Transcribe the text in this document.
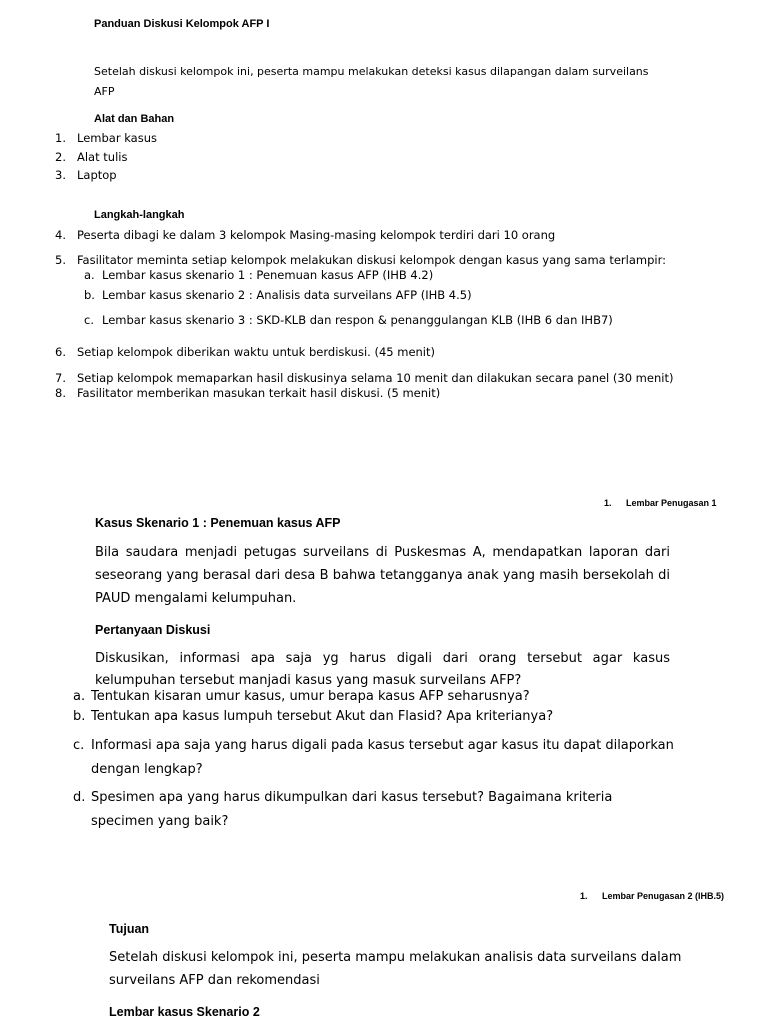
Panduan Diskusi Kelompok AFP I
Setelah diskusi kelompok ini, peserta mampu melakukan deteksi kasus dilapangan dalam surveilans
AFP
Alat dan Bahan
1. Lembar kasus
2. Alat tulis
3. Laptop
Langkah-langkah
4. Peserta dibagi ke dalam 3 kelompok Masing-masing kelompok terdiri dari 10 orang
5. Fasilitator meminta setiap kelompok melakukan diskusi kelompok dengan kasus yang sama terlampir:
a. Lembar kasus skenario 1 : Penemuan kasus AFP (IHB 4.2)
b. Lembar kasus skenario 2 : Analisis data surveilans AFP (IHB 4.5)
c. Lembar kasus skenario 3 : SKD-KLB dan respon & penanggulangan KLB (IHB 6 dan IHB7)
6. Setiap kelompok diberikan waktu untuk berdiskusi. (45 menit)
7. Setiap kelompok memaparkan hasil diskusinya selama 10 menit dan dilakukan secara panel (30 menit)
8. Fasilitator memberikan masukan terkait hasil diskusi. (5 menit)
1. Lembar Penugasan 1
Kasus Skenario 1 : Penemuan kasus AFP
Bila saudara menjadi petugas surveilans di Puskesmas A, mendapatkan laporan dari
seseorang yang berasal dari desa B bahwa tetangganya anak yang masih bersekolah di
PAUD mengalami kelumpuhan.
Pertanyaan Diskusi
Diskusikan, informasi apa saja yg harus digali dari orang tersebut agar kasus
kelumpuhan tersebut manjadi kasus yang masuk surveilans AFP?
a. Tentukan kisaran umur kasus, umur berapa kasus AFP seharusnya?
b. Tentukan apa kasus lumpuh tersebut Akut dan Flasid? Apa kriterianya?
c. Informasi apa saja yang harus digali pada kasus tersebut agar kasus itu dapat dilaporkan
dengan lengkap?
d. Spesimen apa yang harus dikumpulkan dari kasus tersebut? Bagaimana kriteria
specimen yang baik?
1. Lembar Penugasan 2 (IHB.5)
Tujuan
Setelah diskusi kelompok ini, peserta mampu melakukan analisis data surveilans dalam
surveilans AFP dan rekomendasi
Lembar kasus Skenario 2
